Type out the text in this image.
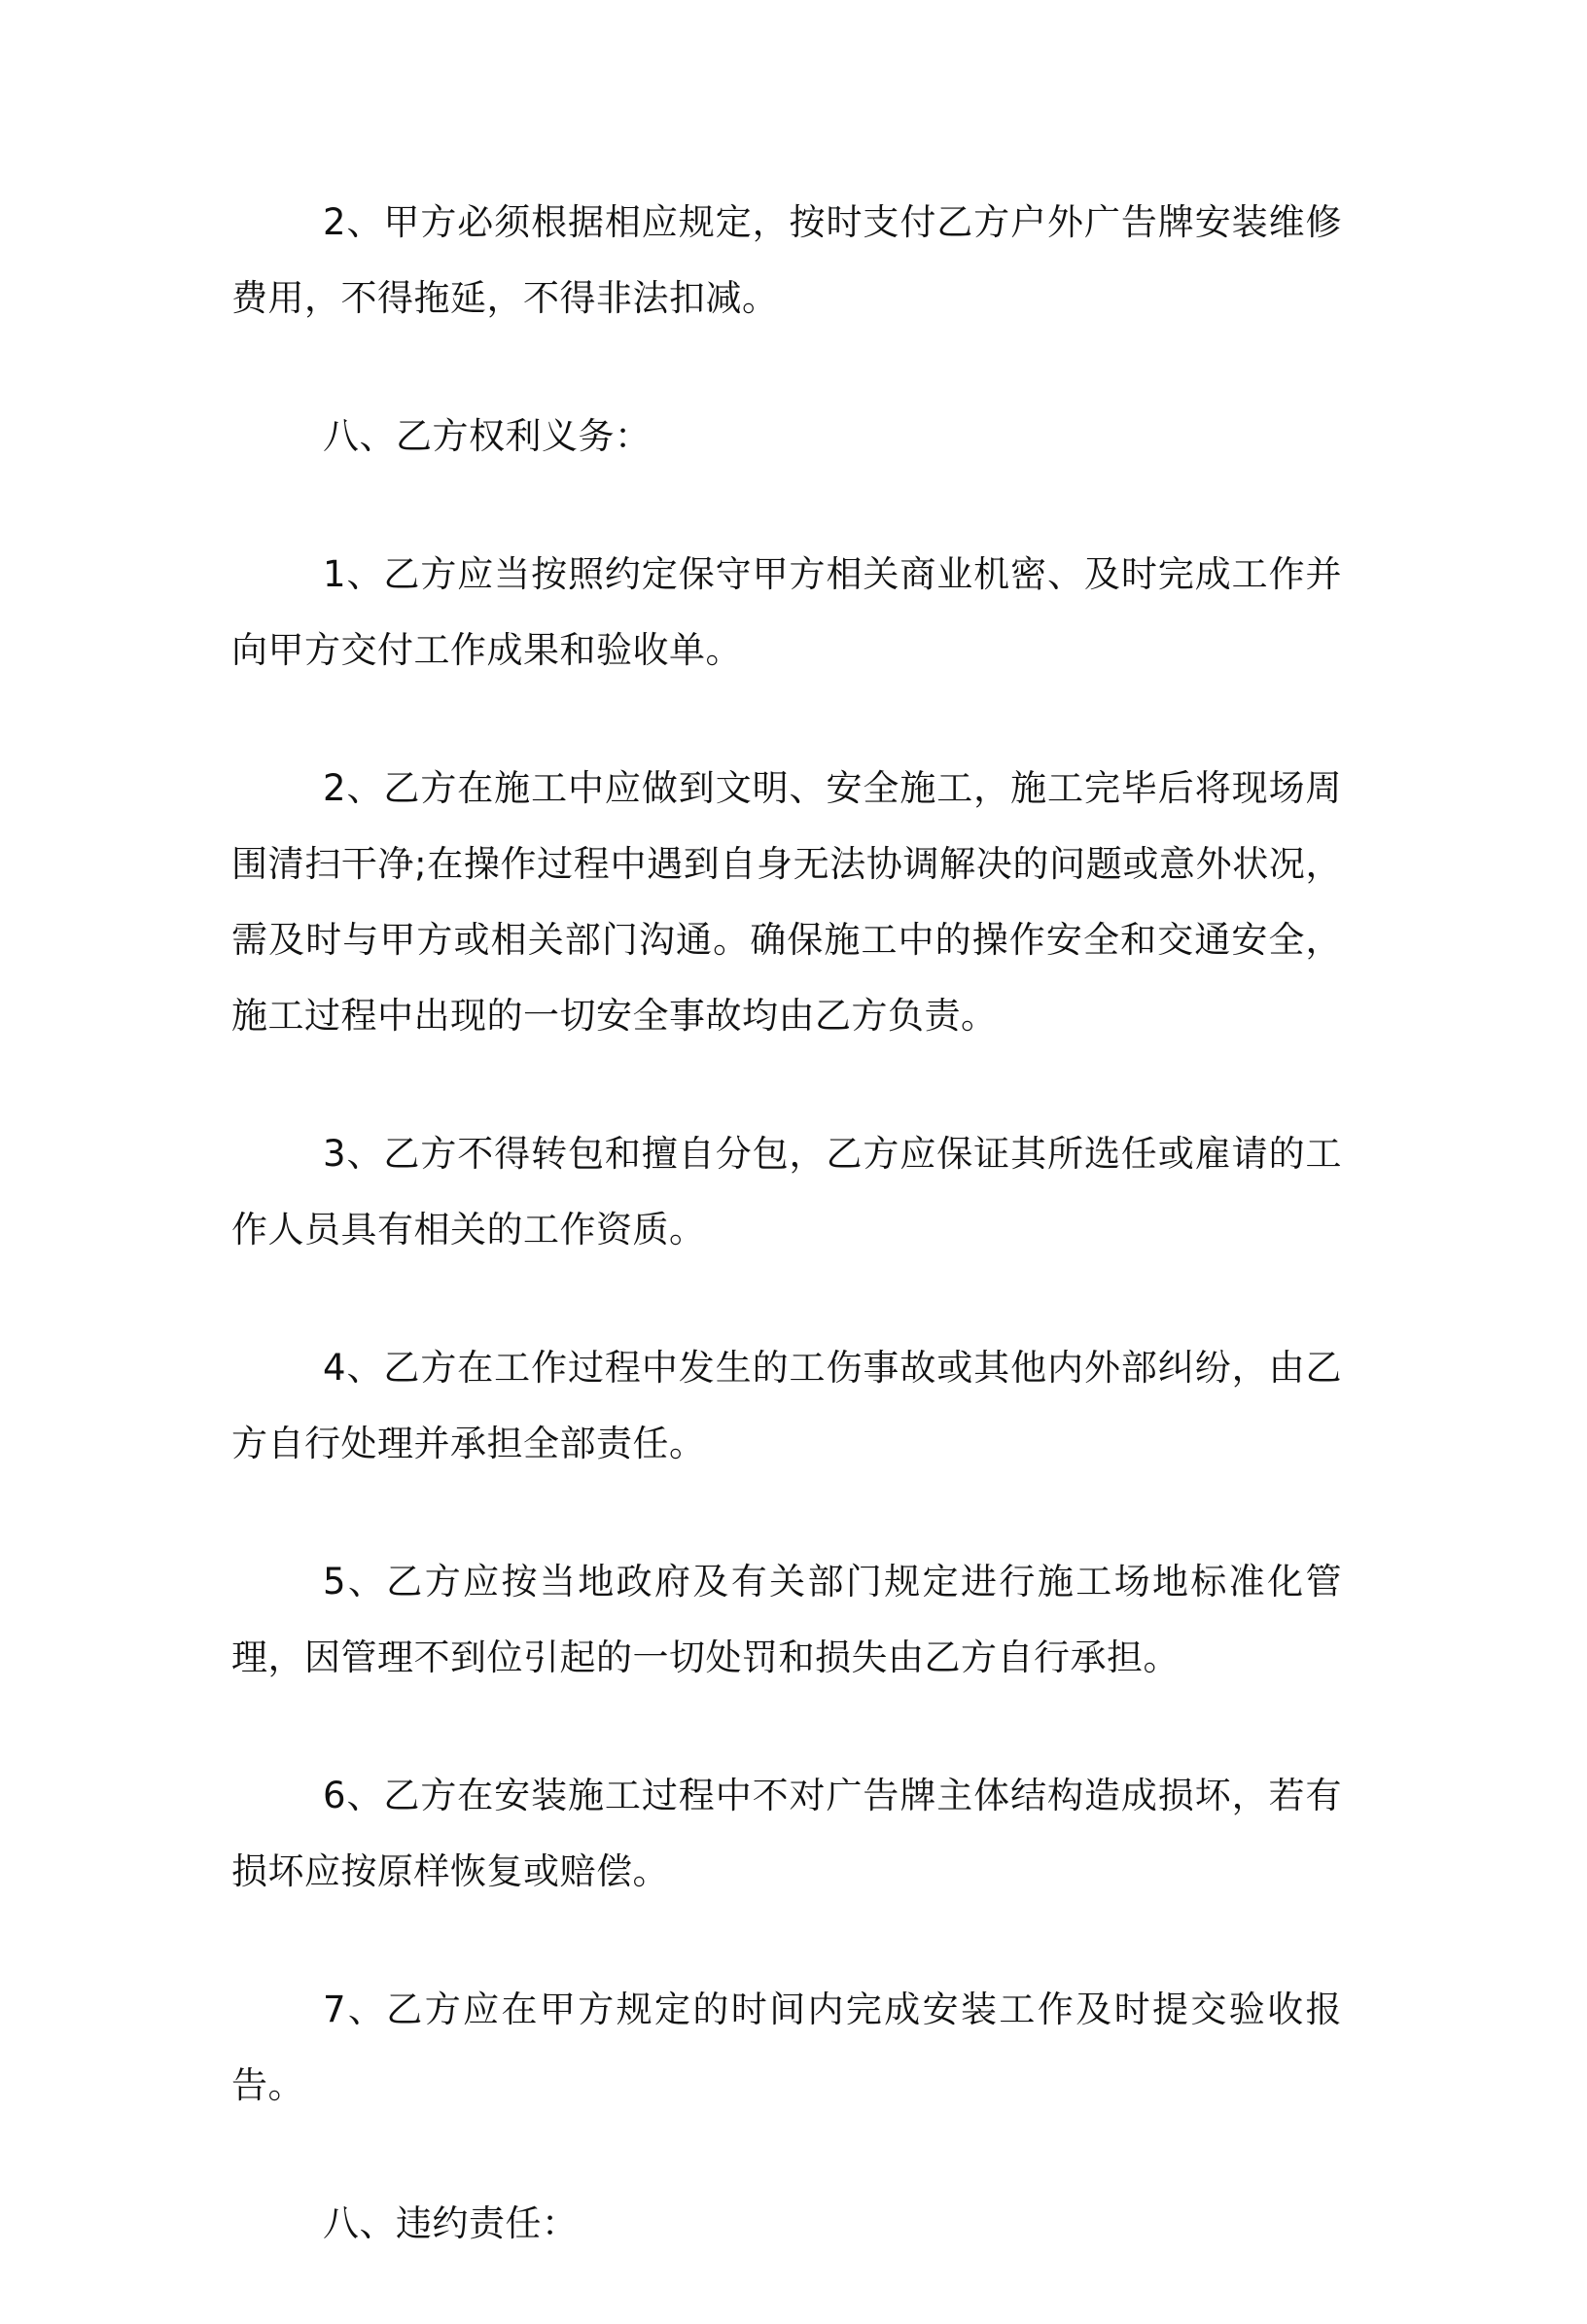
2、甲方必须根据相应规定，按时支付乙方户外广告牌安装维修费用，不得拖延，不得非法扣减。

八、乙方权利义务：

1、乙方应当按照约定保守甲方相关商业机密、及时完成工作并向甲方交付工作成果和验收单。

2、乙方在施工中应做到文明、安全施工，施工完毕后将现场周围清扫干净;在操作过程中遇到自身无法协调解决的问题或意外状况，需及时与甲方或相关部门沟通。确保施工中的操作安全和交通安全，施工过程中出现的一切安全事故均由乙方负责。

3、乙方不得转包和擅自分包，乙方应保证其所选任或雇请的工作人员具有相关的工作资质。

4、乙方在工作过程中发生的工伤事故或其他内外部纠纷，由乙方自行处理并承担全部责任。

5、乙方应按当地政府及有关部门规定进行施工场地标准化管理，因管理不到位引起的一切处罚和损失由乙方自行承担。

6、乙方在安装施工过程中不对广告牌主体结构造成损坏，若有损坏应按原样恢复或赔偿。

7、乙方应在甲方规定的时间内完成安装工作及时提交验收报告。

八、违约责任：
